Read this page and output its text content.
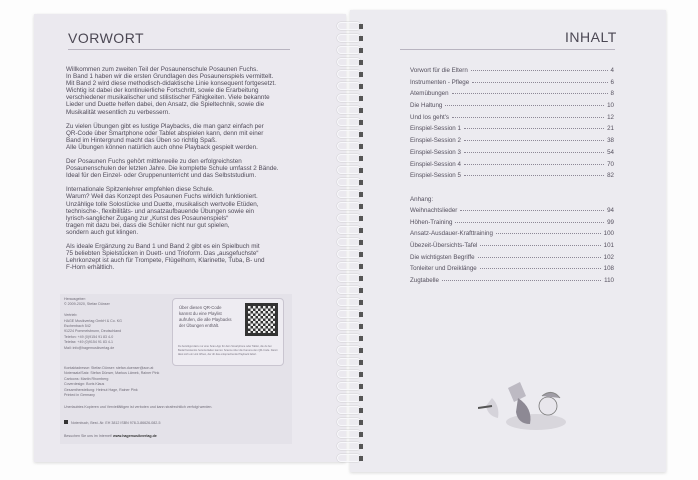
VORWORT

Willkommen zum zweiten Teil der Posaunenschule Posaunen Fuchs.
In Band 1 haben wir die ersten Grundlagen des Posaunenspiels vermittelt.
Mit Band 2 wird diese methodisch-didaktische Linie konsequent fortgesetzt.
Wichtig ist dabei der kontinuierliche Fortschritt, sowie die Erarbeitung
verschiedener musikalischer und stilistischer Fähigkeiten. Viele bekannte
Lieder und Duette helfen dabei, den Ansatz, die Spieltechnik, sowie die
Musikalität wesentlich zu verbessern.

Zu vielen Übungen gibt es lustige Playbacks, die man ganz einfach per
QR-Code über Smartphone oder Tablet abspielen kann, denn mit einer
Band im Hintergrund macht das Üben so richtig Spaß.
Alle Übungen können natürlich auch ohne Playback gespielt werden.

Der Posaunen Fuchs gehört mittlerweile zu den erfolgreichsten
Posaunenschulen der letzten Jahre. Die komplette Schule umfasst 2 Bände.
Ideal für den Einzel- oder Gruppenunterricht und das Selbststudium.

Internationale Spitzenlehrer empfehlen diese Schule.
Warum? Weil das Konzept des Posaunen Fuchs wirklich funktioniert.
Unzählige tolle Solostücke und Duette, musikalisch wertvolle Etüden,
technische-, flexibilitäts- und ansatzaufbauende Übungen sowie ein
lyrisch-sanglicher Zugang zur „Kunst des Posaunenspiels“
tragen mit dazu bei, dass die Schüler nicht nur gut spielen,
sondern auch gut klingen.

Als ideale Ergänzung zu Band 1 und Band 2 gibt es ein Spielbuch mit
75 beliebten Spielstücken in Duett- und Trioform. Das „ausgefuchste“
Lehrkonzept ist auch für Trompete, Flügelhorn, Klarinette, Tuba, B- und
F-Horn erhältlich.

Herausgeber:
© 2009-2020, Stefan Dünser

Vertrieb:
HAGE Musikverlag GmbH & Co. KG
Eschenbach 542
91224 Pommelsbrunn, Deutschland
Telefon: +49 (0)9154 91 83 4-0
Telefax: +49 (0)9154 91 83 4-1
Mail: info@hagemusikverlag.de
Kontaktadresse: Stefan Dünser: stefan.duenser@aon.at
Notensatz/Satz: Stefan Dünser, Markus Lämek, Rainer Pink
Cartoons: Martin Rhomberg
Coverdesign: Boris Klaus
Gesamtherstellung: Helmut Hage, Rainer Pink
Printed in Germany
Unerlaubtes Kopieren und Vervielfältigen ist verboten und kann strafrechtlich verfolgt werden.
Notenbuch, Best.-Nr. EH 3812 ISBN 978-3-86626-082-5
Besuchen Sie uns im Internet! www.hagemusikverlag.de
Über diesen QR-Code kannst du eine Playlist aufrufen, die alle Playbacks der Übungen enthält.
Du benötigst dazu nur eine Scan-App für dein Smartphone oder Tablet, die du bei Bedarf kostenlos herunterladen kannst. Scanne über die Kamera den QR-Code. Damit lässt sich ein Link öffnen, der dir das entsprechende Playback liefert.
INHALT
Vorwort für die Eltern	4
Instrumenten - Pflege	6
Atemübungen	8
Die Haltung	10
Und los geht's	12
Einspiel-Session 1	21
Einspiel-Session 2	38
Einspiel-Session 3	54
Einspiel-Session 4	70
Einspiel-Session 5	82
Anhang:
Weihnachtslieder	94
Höhen-Training	99
Ansatz-Ausdauer-Krafttraining	100
Übezeit-Übersichts-Tafel	101
Die wichtigsten Begriffe	102
Tonleiter und Dreiklänge	108
Zugtabelle	110
